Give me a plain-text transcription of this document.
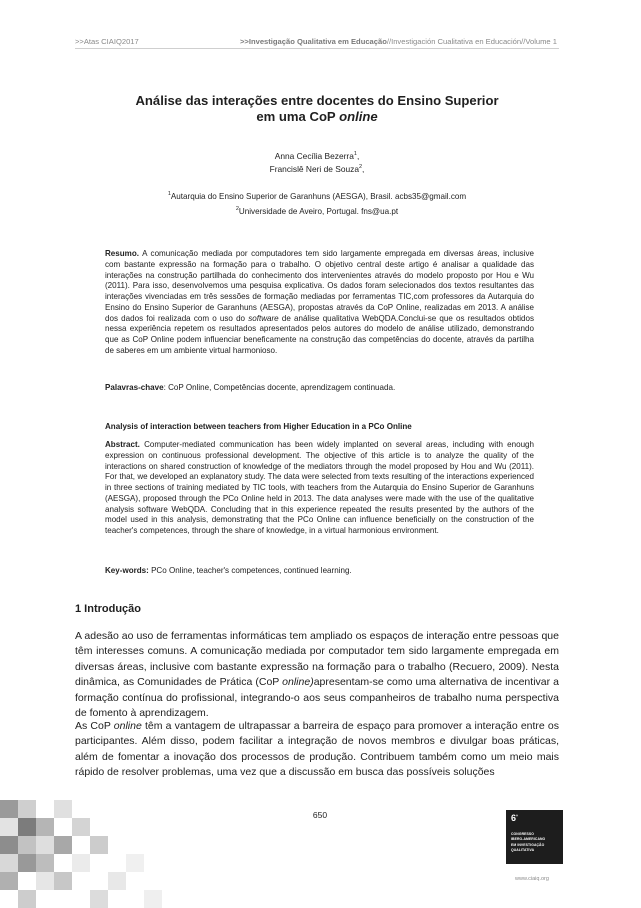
>>Atas CIAIQ2017	>>Investigação Qualitativa em Educação//Investigación Cualitativa en Educación//Volume 1
Análise das interações entre docentes do Ensino Superior
em uma CoP online
Anna Cecília Bezerra$^1$,
Francislê Neri de Souza$^2$,
$^1$Autarquia do Ensino Superior de Garanhuns (AESGA), Brasil. acbs35@gmail.com
$^2$Universidade de Aveiro, Portugal. fns@ua.pt
Resumo. A comunicação mediada por computadores tem sido largamente empregada em diversas áreas, inclusive com bastante expressão na formação para o trabalho. O objetivo central deste artigo é analisar a qualidade das interações na construção partilhada do conhecimento dos intervenientes através do modelo proposto por Hou e Wu (2011). Para isso, desenvolvemos uma pesquisa explicativa. Os dados foram selecionados dos textos resultantes das interações vivenciadas em três sessões de formação mediadas por ferramentas TIC,com professores da Autarquia do Ensino do Ensino Superior de Garanhuns (AESGA), propostas através da CoP Online, realizadas em 2013. A análise dos dados foi realizada com o uso do software de análise qualitativa WebQDA.Conclui-se que os resultados obtidos nessa experiência repetem os resultados apresentados pelos autores do modelo de análise utilizado, demonstrando que as CoP Online podem influenciar beneficamente na construção das competências do docente, através da partilha de saberes em um ambiente virtual harmonioso.
Palavras-chave: CoP Online, Competências docente, aprendizagem continuada.
Analysis of interaction between teachers from Higher Education in a PCo Online
Abstract. Computer-mediated communication has been widely implanted on several areas, including with enough expression on continuous professional development. The objective of this article is to analyze the quality of the interactions on shared construction of knowledge of the mediators through the model proposed by Hou and Wu (2011). For that, we developed an explanatory study. The data were selected from texts resulting of the interactions experienced in three sections of training mediated by TIC tools, with teachers from the Autarquia do Ensino Superior de Garanhuns (AESGA), proposed through the PCo Online held in 2013. The data analyses were made with the use of the qualitative analysis software WebQDA. Concluding that in this experience repeated the results presented by the authors of the model used in this analysis, demonstrating that the PCo Online can influence beneficially on the construction of the teacher's competences, through the share of knowledge, in a virtual harmonious environment.
Key-words: PCo Online, teacher's competences, continued learning.
1 Introdução
A adesão ao uso de ferramentas informáticas tem ampliado os espaços de interação entre pessoas que têm interesses comuns. A comunicação mediada por computador tem sido largamente empregada em diversas áreas, inclusive com bastante expressão na formação para o trabalho (Recuero, 2009). Nesta dinâmica, as Comunidades de Prática (CoP online)apresentam-se como uma alternativa de incentivar a formação contínua do profissional, integrando-o aos seus companheiros de trabalho numa perspectiva de fomento à aprendizagem.
As CoP online têm a vantagem de ultrapassar a barreira de espaço para promover a interação entre os participantes. Além disso, podem facilitar a integração de novos membros e divulgar boas práticas, além de fomentar a inovação dos processos de produção. Contribuem também como um meio mais rápido de resolver problemas, uma vez que a discussão em busca das possíveis soluções
650	$6^º$
CONGRESSO
IBERO-AMERICANO
EM INVESTIGAÇÃO
QUALITATIVA
www.ciaiq.org
